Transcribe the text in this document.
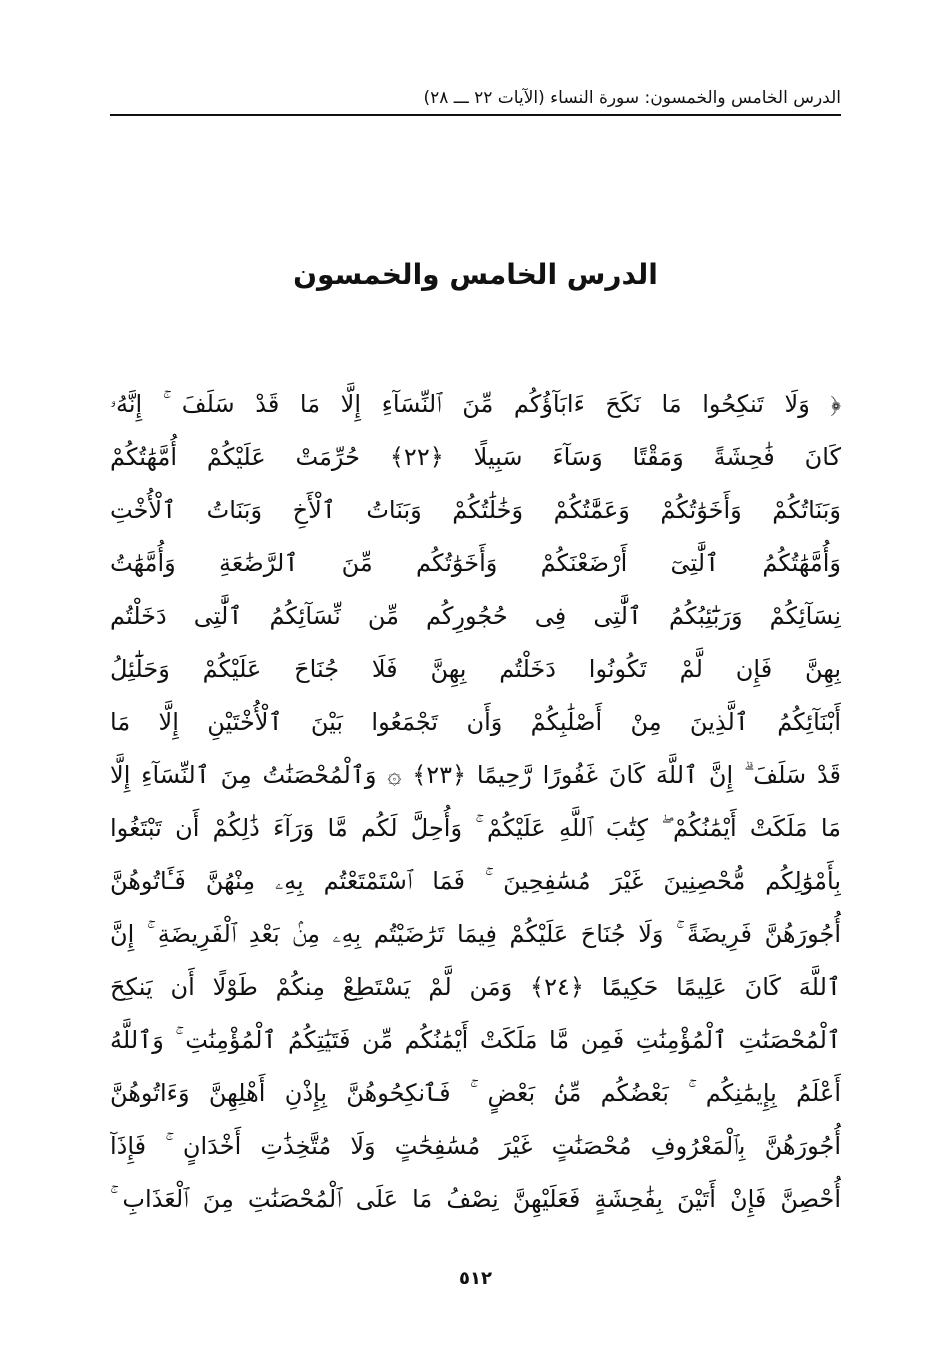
الدرس الخامس والخمسون: سورة النساء (الآيات ٢٢ ـــ ٢٨)
الدرس الخامس والخمسون
﴿ وَلَا تَنكِحُوا مَا نَكَحَ ءَابَآؤُكُم مِّنَ ٱلنِّسَآءِ إِلَّا مَا قَدْ سَلَفَ ۚ إِنَّهُۥ
كَانَ فَٰحِشَةً وَمَقْتًا وَسَآءَ سَبِيلًا ﴿٢٢﴾ حُرِّمَتْ عَلَيْكُمْ أُمَّهَٰتُكُمْ
وَبَنَاتُكُمْ وَأَخَوَٰتُكُمْ وَعَمَّٰتُكُمْ وَخَٰلَٰتُكُمْ وَبَنَاتُ ٱلْأَخِ وَبَنَاتُ ٱلْأُخْتِ
وَأُمَّهَٰتُكُمُ ٱلَّٰتِىٓ أَرْضَعْنَكُمْ وَأَخَوَٰتُكُم مِّنَ ٱلرَّضَٰعَةِ وَأُمَّهَٰتُ
نِسَآئِكُمْ وَرَبَٰٓئِبُكُمُ ٱلَّٰتِى فِى حُجُورِكُم مِّن نِّسَآئِكُمُ ٱلَّٰتِى دَخَلْتُم
بِهِنَّ فَإِن لَّمْ تَكُونُوا دَخَلْتُم بِهِنَّ فَلَا جُنَاحَ عَلَيْكُمْ وَحَلَٰٓئِلُ
أَبْنَآئِكُمُ ٱلَّذِينَ مِنْ أَصْلَٰبِكُمْ وَأَن تَجْمَعُوا بَيْنَ ٱلْأُخْتَيْنِ إِلَّا مَا
قَدْ سَلَفَ ۗ إِنَّ ٱللَّهَ كَانَ غَفُورًا رَّحِيمًا ﴿٢٣﴾ ۞ وَٱلْمُحْصَنَٰتُ مِنَ ٱلنِّسَآءِ إِلَّا
مَا مَلَكَتْ أَيْمَٰنُكُمْ ۖ كِتَٰبَ ٱللَّهِ عَلَيْكُمْ ۚ وَأُحِلَّ لَكُم مَّا وَرَآءَ ذَٰلِكُمْ أَن تَبْتَغُوا
بِأَمْوَٰلِكُم مُّحْصِنِينَ غَيْرَ مُسَٰفِحِينَ ۚ فَمَا ٱسْتَمْتَعْتُم بِهِۦ مِنْهُنَّ فَـَٔاتُوهُنَّ
أُجُورَهُنَّ فَرِيضَةً ۚ وَلَا جُنَاحَ عَلَيْكُمْ فِيمَا تَرَٰضَيْتُم بِهِۦ مِنۢ بَعْدِ ٱلْفَرِيضَةِ ۚ إِنَّ
ٱللَّهَ كَانَ عَلِيمًا حَكِيمًا ﴿٢٤﴾ وَمَن لَّمْ يَسْتَطِعْ مِنكُمْ طَوْلًا أَن يَنكِحَ
ٱلْمُحْصَنَٰتِ ٱلْمُؤْمِنَٰتِ فَمِن مَّا مَلَكَتْ أَيْمَٰنُكُم مِّن فَتَيَٰتِكُمُ ٱلْمُؤْمِنَٰتِ ۚ وَٱللَّهُ
أَعْلَمُ بِإِيمَٰنِكُم ۚ بَعْضُكُم مِّنۢ بَعْضٍ ۚ فَٱنكِحُوهُنَّ بِإِذْنِ أَهْلِهِنَّ وَءَاتُوهُنَّ
أُجُورَهُنَّ بِٱلْمَعْرُوفِ مُحْصَنَٰتٍ غَيْرَ مُسَٰفِحَٰتٍ وَلَا مُتَّخِذَٰتِ أَخْدَانٍ ۚ فَإِذَآ
أُحْصِنَّ فَإِنْ أَتَيْنَ بِفَٰحِشَةٍ فَعَلَيْهِنَّ نِصْفُ مَا عَلَى ٱلْمُحْصَنَٰتِ مِنَ ٱلْعَذَابِ ۚ
٥١٢
